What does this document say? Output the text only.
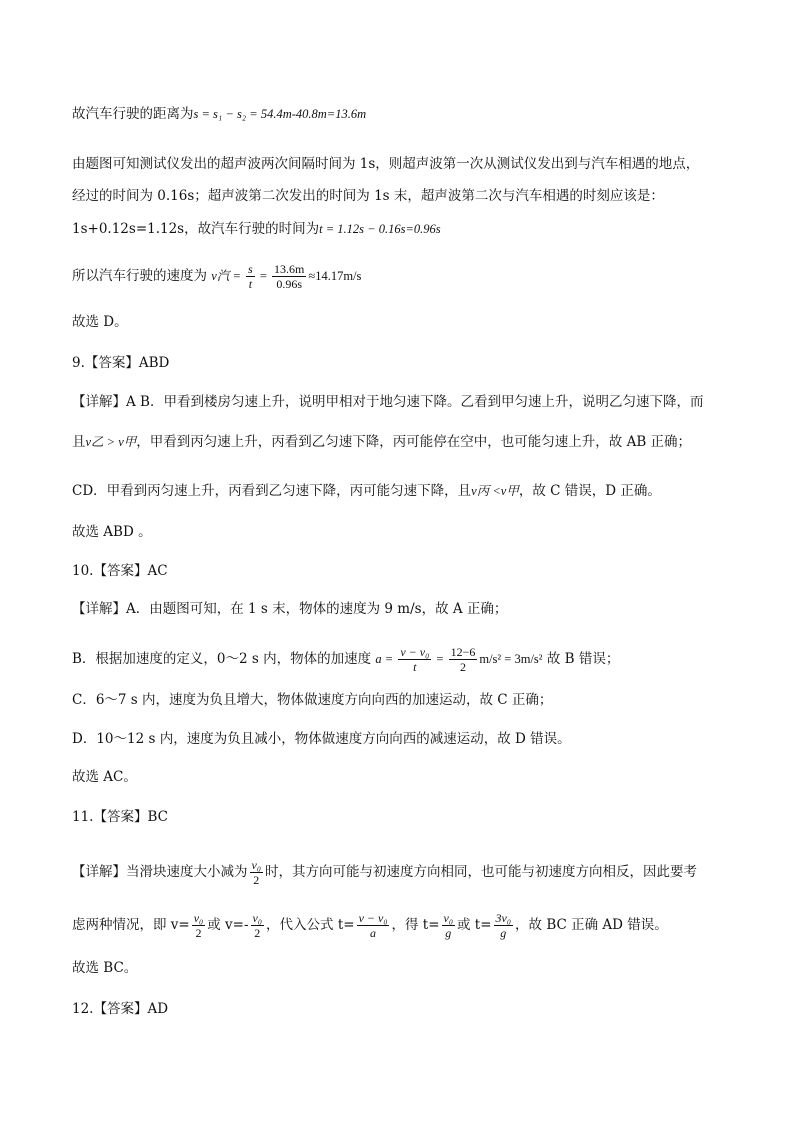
故汽车行驶的距离为s = s₁ − s₂ = 54.4m-40.8m=13.6m
由题图可知测试仪发出的超声波两次间隔时间为 1s，则超声波第一次从测试仪发出到与汽车相遇的地点，
经过的时间为 0.16s；超声波第二次发出的时间为 1s 末，超声波第二次与汽车相遇的时刻应该是：
1s+0.12s=1.12s，故汽车行驶的时间为t = 1.12s − 0.16s=0.96s
所以汽车行驶的速度为 v汽 = $\frac{s}{t} = \frac{13.6m}{0.96s} \approx 14.17m/s$
故选 D。
9.【答案】ABD
【详解】A B．甲看到楼房匀速上升，说明甲相对于地匀速下降。乙看到甲匀速上升，说明乙匀速下降，而
且v乙 > v甲，甲看到丙匀速上升，丙看到乙匀速下降，丙可能停在空中，也可能匀速上升，故 AB 正确；
CD．甲看到丙匀速上升，丙看到乙匀速下降，丙可能匀速下降，且v丙 <v甲，故 C 错误，D 正确。
故选 ABD 。
10.【答案】AC
【详解】A．由题图可知，在 1 s 末，物体的速度为 9 m/s，故 A 正确；
B．根据加速度的定义，0～2 s 内，物体的加速度 $a = \frac{\text{v − v₀}}{t} = \frac{12-6}{2} m/s^2 = 3m/s^2$ 故 B 错误；
C．6～7 s 内，速度为负且增大，物体做速度方向向西的加速运动，故 C 正确；
D．10～12 s 内，速度为负且减小，物体做速度方向向西的减速运动，故 D 错误。
故选 AC。
11.【答案】BC
【详解】当滑块速度大小减为 $\frac{\text{v₀}}{2}$ 时，其方向可能与初速度方向相同，也可能与初速度方向相反，因此要考
虑两种情况，即 $v= \frac{\text{v₀}}{2}$ 或 $v=- \frac{\text{v₀}}{2}$ ，代入公式 $t= \frac{\text{v − v₀}}{a}$ ，得 $t= \frac{\text{v₀}}{g}$ 或 $t= \frac{\text{3v₀}}{g}$ ，故 BC 正确 AD 错误。
故选 BC。
12.【答案】AD
